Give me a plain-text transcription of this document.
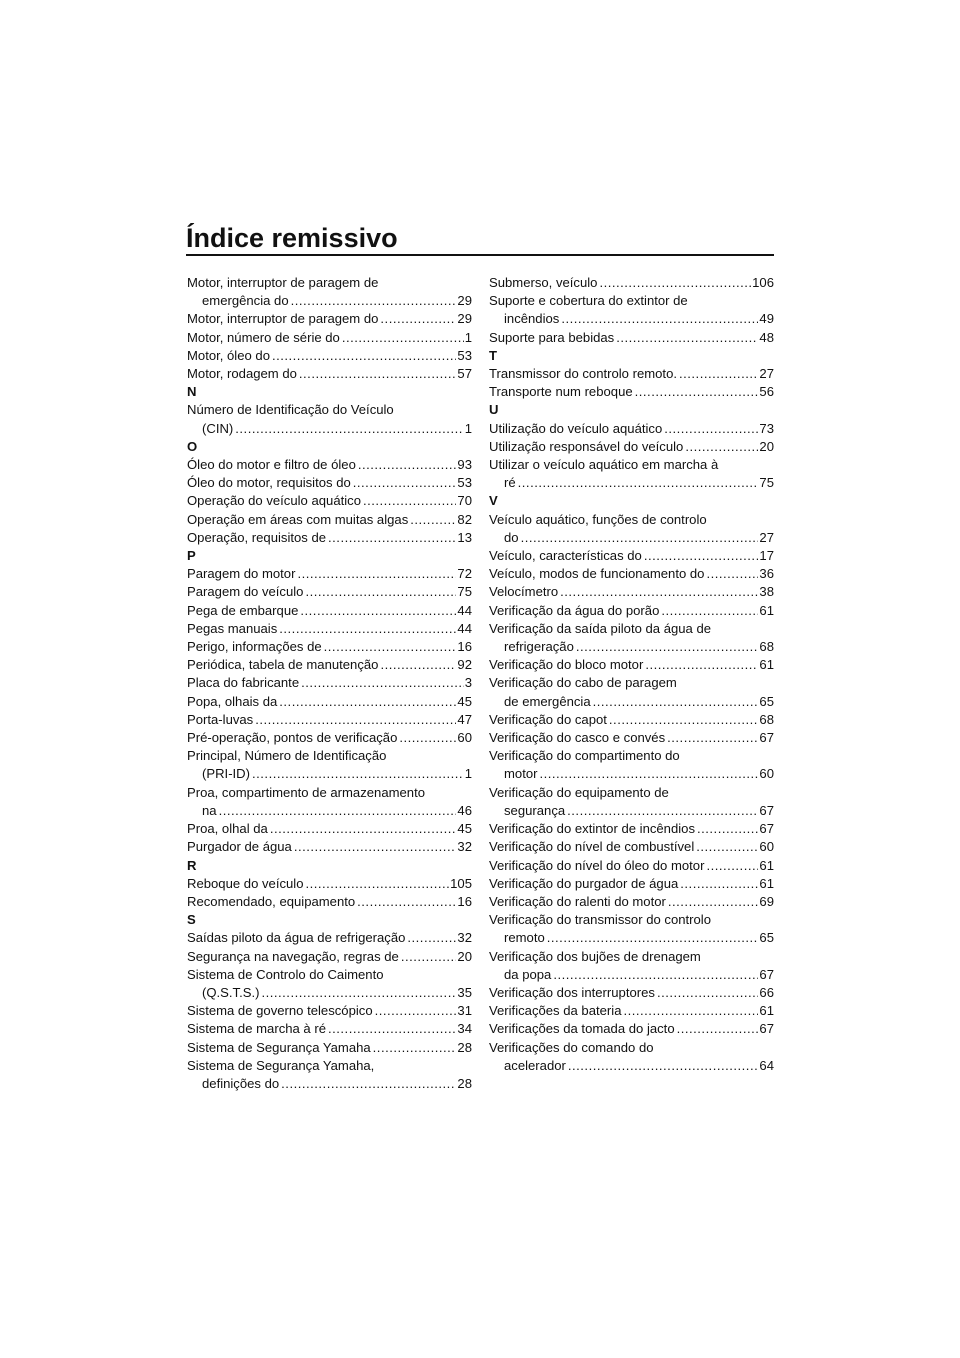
Índice remissivo
Motor, interruptor de paragem de
emergência do .....	29
Motor, interruptor de paragem do .....	29
Motor, número de série do .....	1
Motor, óleo do .....	53
Motor, rodagem do .....	57
N
Número de Identificação do Veículo
(CIN) .....	1
O
Óleo do motor e filtro de óleo .....	93
Óleo do motor, requisitos do .....	53
Operação do veículo aquático .....	70
Operação em áreas com muitas algas .....	82
Operação, requisitos de .....	13
P
Paragem do motor .....	72
Paragem do veículo .....	75
Pega de embarque .....	44
Pegas manuais .....	44
Perigo, informações de .....	16
Periódica, tabela de manutenção .....	92
Placa do fabricante .....	3
Popa, olhais da .....	45
Porta-luvas .....	47
Pré-operação, pontos de verificação .....	60
Principal, Número de Identificação
(PRI-ID) .....	1
Proa, compartimento de armazenamento
na .....	46
Proa, olhal da .....	45
Purgador de água .....	32
R
Reboque do veículo .....	105
Recomendado, equipamento .....	16
S
Saídas piloto da água de refrigeração .....	32
Segurança na navegação, regras de .....	20
Sistema de Controlo do Caimento
(Q.S.T.S.) .....	35
Sistema de governo telescópico .....	31
Sistema de marcha à ré .....	34
Sistema de Segurança Yamaha .....	28
Sistema de Segurança Yamaha,
definições do .....	28
Submerso, veículo .....	106
Suporte e cobertura do extintor de
incêndios .....	49
Suporte para bebidas .....	48
T
Transmissor do controlo remoto. .....	27
Transporte num reboque .....	56
U
Utilização do veículo aquático .....	73
Utilização responsável do veículo .....	20
Utilizar o veículo aquático em marcha à
ré .....	75
V
Veículo aquático, funções de controlo
do .....	27
Veículo, características do .....	17
Veículo, modos de funcionamento do .....	36
Velocímetro .....	38
Verificação da água do porão .....	61
Verificação da saída piloto da água de
refrigeração .....	68
Verificação do bloco motor .....	61
Verificação do cabo de paragem
de emergência .....	65
Verificação do capot .....	68
Verificação do casco e convés .....	67
Verificação do compartimento do
motor .....	60
Verificação do equipamento de
segurança .....	67
Verificação do extintor de incêndios .....	67
Verificação do nível de combustível .....	60
Verificação do nível do óleo do motor .....	61
Verificação do purgador de água .....	61
Verificação do ralenti do motor .....	69
Verificação do transmissor do controlo
remoto .....	65
Verificação dos bujões de drenagem
da popa .....	67
Verificação dos interruptores .....	66
Verificações da bateria .....	61
Verificações da tomada do jacto .....	67
Verificações do comando do
acelerador .....	64
